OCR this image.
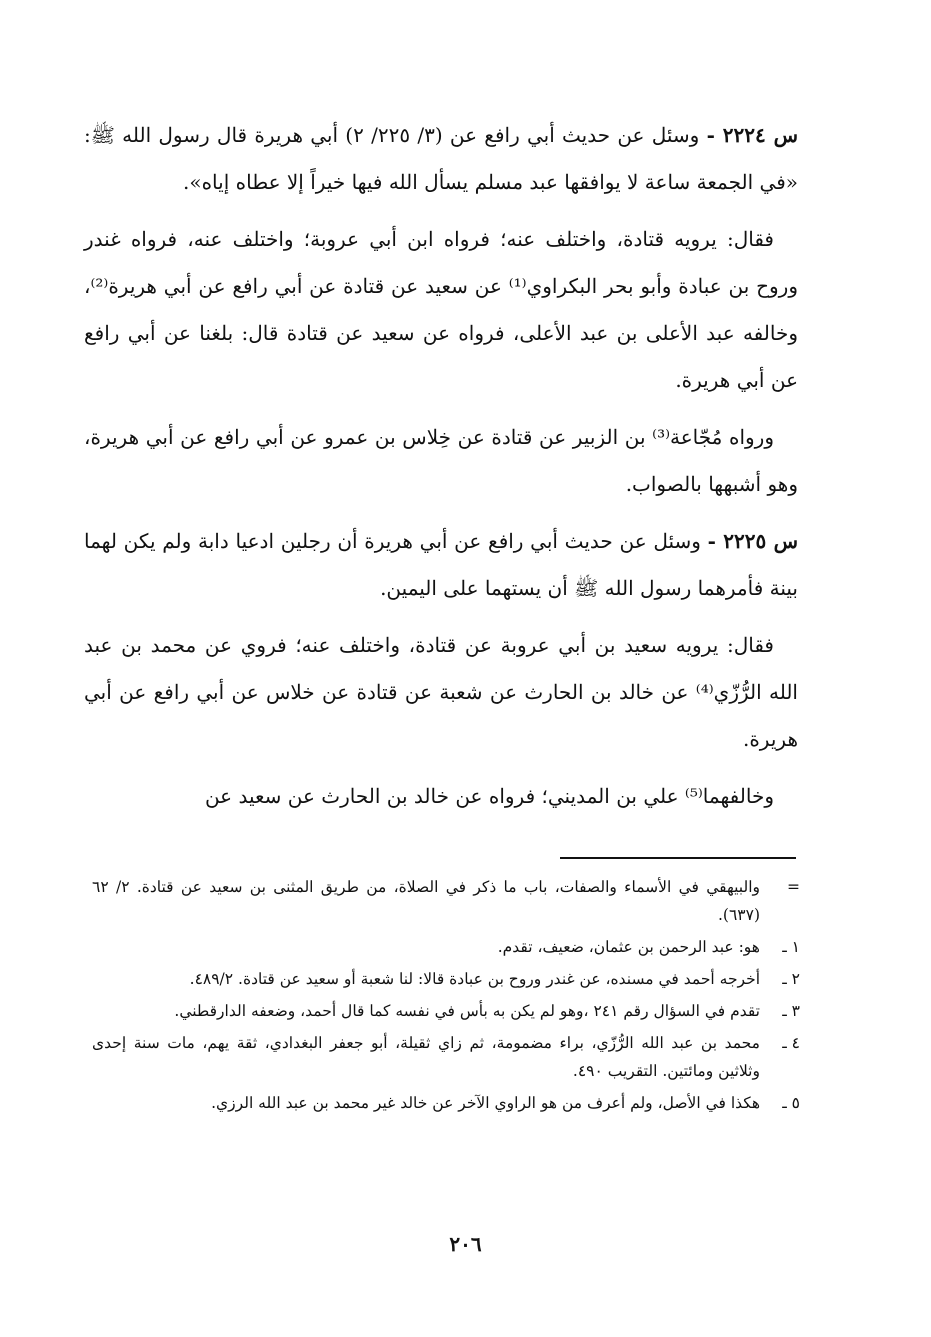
س ٢٢٢٤ - وسئل عن حديث أبي رافع عن (٣/ ٢٢٥/ ٢) أبي هريرة قال رسول الله ﷺ: «في الجمعة ساعة لا يوافقها عبد مسلم يسأل الله فيها خيراً إلا عطاه إياه».

فقال: يرويه قتادة، واختلف عنه؛ فرواه ابن أبي عروبة؛ واختلف عنه، فرواه غندر وروح بن عبادة وأبو بحر البكراوي⁽¹⁾ عن سعيد عن قتادة عن أبي رافع عن أبي هريرة⁽²⁾، وخالفه عبد الأعلى بن عبد الأعلى، فرواه عن سعيد عن قتادة قال: بلغنا عن أبي رافع عن أبي هريرة.

ورواه مُجّاعة⁽³⁾ بن الزبير عن قتادة عن خِلاس بن عمرو عن أبي رافع عن أبي هريرة، وهو أشبهها بالصواب.

س ٢٢٢٥ - وسئل عن حديث أبي رافع عن أبي هريرة أن رجلين ادعيا دابة ولم يكن لهما بينة فأمرهما رسول الله ﷺ أن يستهما على اليمين.

فقال: يرويه سعيد بن أبي عروبة عن قتادة، واختلف عنه؛ فروي عن محمد بن عبد الله الرُّزّي⁽⁴⁾ عن خالد بن الحارث عن شعبة عن قتادة عن خلاس عن أبي رافع عن أبي هريرة.

وخالفهما⁽⁵⁾ علي بن المديني؛ فرواه عن خالد بن الحارث عن سعيد عن

=
والبيهقي في الأسماء والصفات، باب ما ذكر في الصلاة، من طريق المثنى بن سعيد عن قتادة. ٢/ ٦٢ (٦٣٧).
١ ـ
هو: عبد الرحمن بن عثمان، ضعيف، تقدم.
٢ ـ
أخرجه أحمد في مسنده، عن غندر وروح بن عبادة قالا: لنا شعبة أو سعيد عن قتادة. ٤٨٩/٢.
٣ ـ
تقدم في السؤال رقم ٢٤١ ،وهو لم يكن به بأس في نفسه كما قال أحمد، وضعفه الدارقطني.
٤ ـ
محمد بن عبد الله الرُّزّي، براء مضمومة، ثم زاي ثقيلة، أبو جعفر البغدادي، ثقة يهم، مات سنة إحدى وثلاثين ومائتين. التقريب ٤٩٠.
٥ ـ
هكذا في الأصل، ولم أعرف من هو الراوي الآخر عن خالد غير محمد بن عبد الله الرزي.
٢٠٦
